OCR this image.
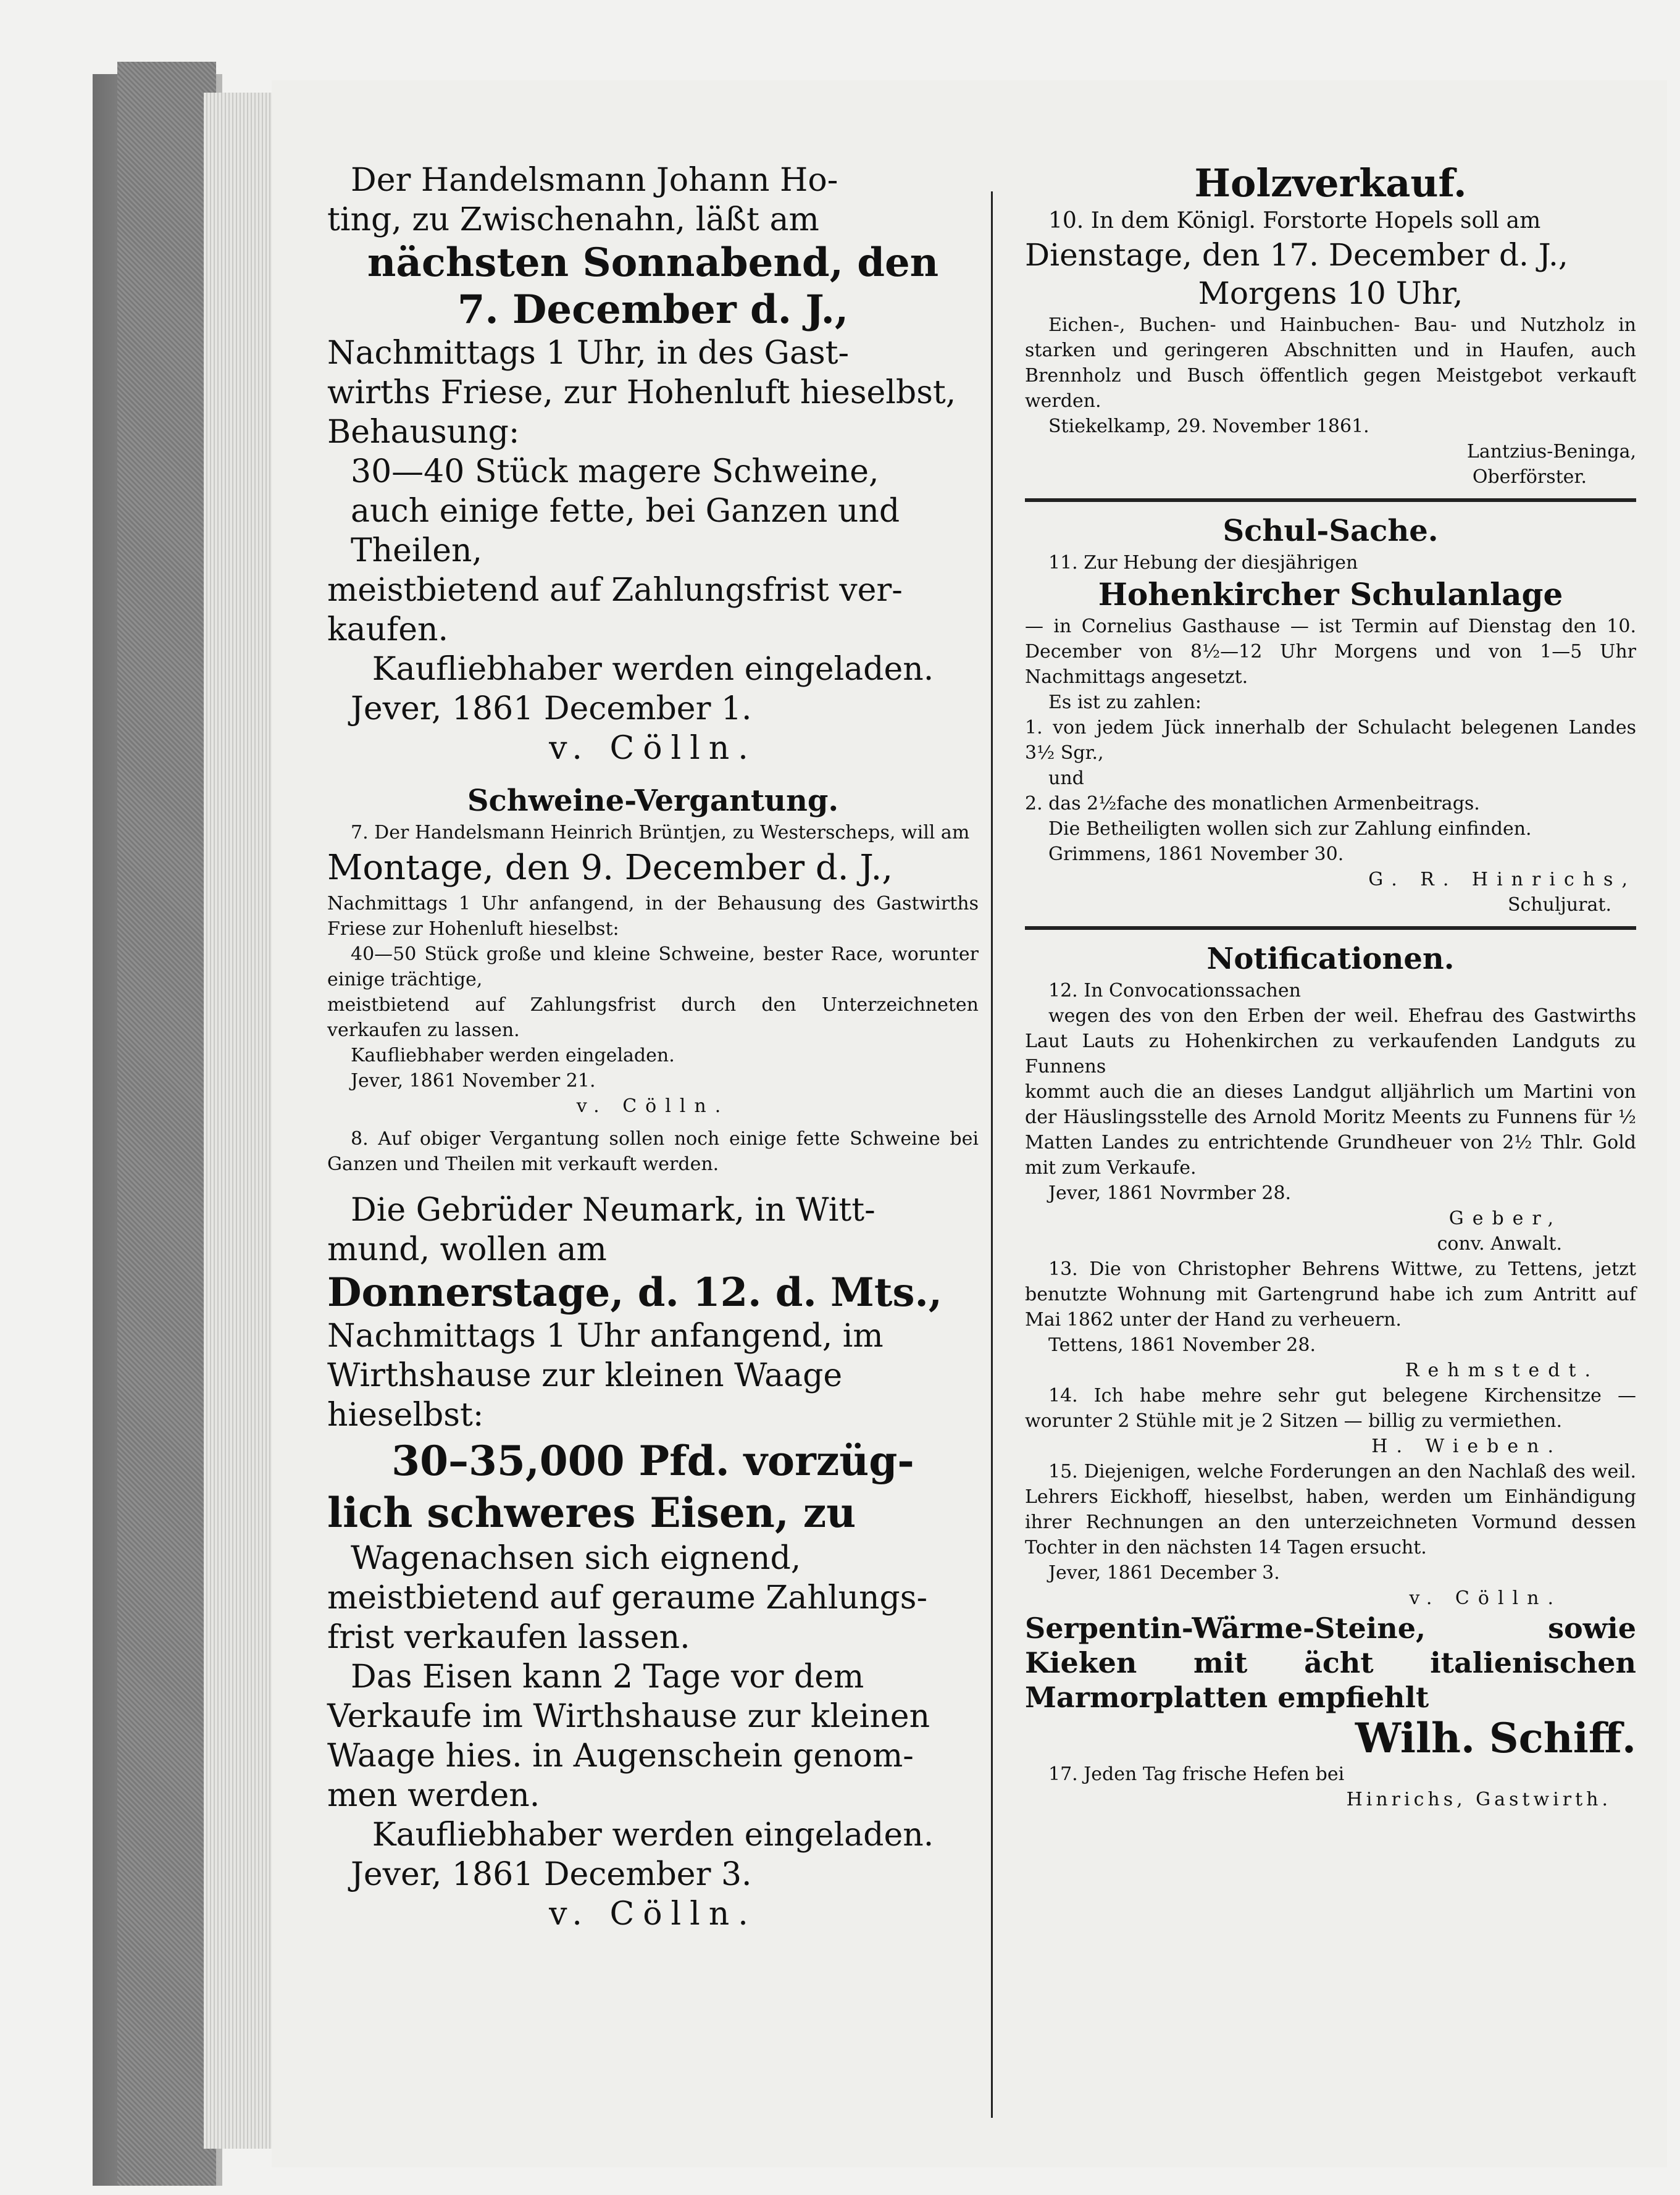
Der Handelsmann Johann Ho-

ting, zu Zwischenahn, läßt am

nächsten Sonnabend, den

7. December d. J.,

Nachmittags 1 Uhr, in des Gast-

wirths Friese, zur Hohenluft hieselbst,

Behausung:

30—40 Stück magere Schweine,

auch einige fette, bei Ganzen und

Theilen,

meistbietend auf Zahlungsfrist ver-

kaufen.

Kaufliebhaber werden eingeladen.

Jever, 1861 December 1.

v. Cölln.

Schweine-Vergantung.

7. Der Handelsmann Heinrich Brüntjen, zu Westerscheps, will am

Montage, den 9. December d. J.,

Nachmittags 1 Uhr anfangend, in der Behausung des Gastwirths Friese zur Hohenluft hieselbst:

40—50 Stück große und kleine Schweine, bester Race, worunter einige trächtige,

meistbietend auf Zahlungsfrist durch den Unterzeichneten verkaufen zu lassen.

Kaufliebhaber werden eingeladen.

Jever, 1861 November 21.

v. Cölln.

8. Auf obiger Vergantung sollen noch einige fette Schweine bei Ganzen und Theilen mit verkauft werden.

Die Gebrüder Neumark, in Witt-

mund, wollen am

Donnerstage, d. 12. d. Mts.,

Nachmittags 1 Uhr anfangend, im

Wirthshause zur kleinen Waage

hieselbst:

30–35,000 Pfd. vorzüg-

lich schweres Eisen, zu

Wagenachsen sich eignend,

meistbietend auf geraume Zahlungs-

frist verkaufen lassen.

Das Eisen kann 2 Tage vor dem

Verkaufe im Wirthshause zur kleinen

Waage hies. in Augenschein genom-

men werden.

Kaufliebhaber werden eingeladen.

Jever, 1861 December 3.

v. Cölln.

Holzverkauf.

10. In dem Königl. Forstorte Hopels soll am

Dienstage, den 17. December d. J.,

Morgens 10 Uhr,

Eichen-, Buchen- und Hainbuchen- Bau- und Nutzholz in starken und geringeren Abschnitten und in Haufen, auch Brennholz und Busch öffentlich gegen Meistgebot verkauft werden.

Stiekelkamp, 29. November 1861.

Lantzius-Beninga,

Oberförster.

Schul-Sache.

11. Zur Hebung der diesjährigen

Hohenkircher Schulanlage

— in Cornelius Gasthause — ist Termin auf Dienstag den 10. December von 8½—12 Uhr Morgens und von 1—5 Uhr Nachmittags angesetzt.

Es ist zu zahlen:

1. von jedem Jück innerhalb der Schulacht belegenen Landes 3½ Sgr.,

und

2. das 2½fache des monatlichen Armenbeitrags.

Die Betheiligten wollen sich zur Zahlung einfinden.

Grimmens, 1861 November 30.

G. R. Hinrichs,

Schuljurat.

Notificationen.

12. In Convocationssachen

wegen des von den Erben der weil. Ehefrau des Gastwirths Laut Lauts zu Hohenkirchen zu verkaufenden Landguts zu Funnens

kommt auch die an dieses Landgut alljährlich um Martini von der Häuslingsstelle des Arnold Moritz Meents zu Funnens für ½ Matten Landes zu entrichtende Grundheuer von 2½ Thlr. Gold mit zum Verkaufe.

Jever, 1861 Novrmber 28.

Geber,

conv. Anwalt.

13. Die von Christopher Behrens Wittwe, zu Tettens, jetzt benutzte Wohnung mit Gartengrund habe ich zum Antritt auf Mai 1862 unter der Hand zu verheuern.

Tettens, 1861 November 28.

Rehmstedt.

14. Ich habe mehre sehr gut belegene Kirchensitze — worunter 2 Stühle mit je 2 Sitzen — billig zu vermiethen.

H. Wieben.

15. Diejenigen, welche Forderungen an den Nachlaß des weil. Lehrers Eickhoff, hieselbst, haben, werden um Einhändigung ihrer Rechnungen an den unterzeichneten Vormund dessen Tochter in den nächsten 14 Tagen ersucht.

Jever, 1861 December 3.

v. Cölln.

Serpentin-Wärme-Steine, sowie Kieken mit ächt italienischen Marmorplatten empfiehlt

Wilh. Schiff.

17. Jeden Tag frische Hefen bei

Hinrichs, Gastwirth.
